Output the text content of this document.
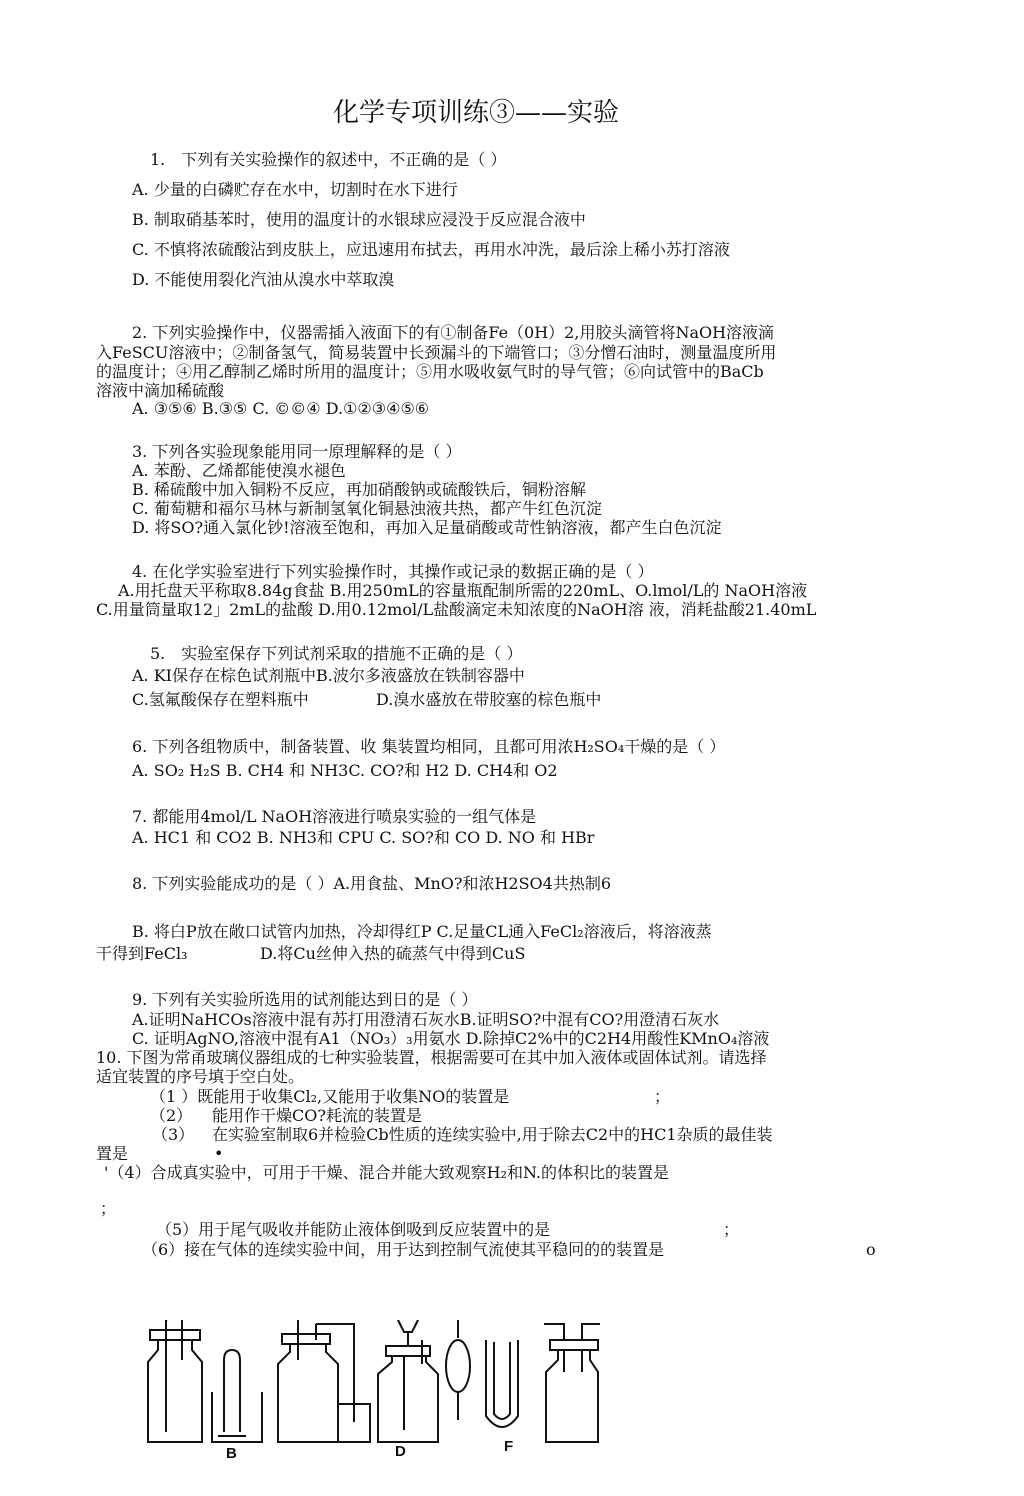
化学专项训练③——实验
1.　下列有关实验操作的叙述中，不正确的是（ ）
A. 少量的白磷贮存在水中，切割时在水下进行
B. 制取硝基苯时，使用的温度计的水银球应浸没于反应混合液中
C. 不慎将浓硫酸沾到皮肤上，应迅速用布拭去，再用水冲洗，最后涂上稀小苏打溶液
D. 不能使用裂化汽油从溴水中萃取溴
2. 下列实验操作中，仪器需插入液面下的有①制备Fe（0H）2,用胶头滴管将NaOH溶液滴
入FeSCU溶液中；②制备氢气，简易装置中长颈漏斗的下端管口；③分憎石油时，测量温度所用
的温度计；④用乙醇制乙烯时所用的温度计；⑤用水吸收氨气时的导气管；⑥向试管中的BaCb
溶液中滴加稀硫酸
A. ③⑤⑥ B.③⑤ C. ©©④ D.①②③④⑤⑥
3. 下列各实验现象能用同一原理解释的是（ ）
A. 苯酚、乙烯都能使溴水褪色
B. 稀硫酸中加入铜粉不反应，再加硝酸钠或硫酸铁后，铜粉溶解
C. 葡萄糖和福尔马林与新制氢氧化铜悬浊液共热，都产牛红色沉淀
D. 将SO?通入氯化钞!溶液至饱和，再加入足量硝酸或苛性钠溶液，都产生白色沉淀
4. 在化学实验室进行下列实验操作时，其操作或记录的数据正确的是（ ）
A.用托盘天平称取8.84g食盐 B.用250mL的容量瓶配制所需的220mL、O.lmol/L的 NaOH溶液
C.用量筒量取12」2mL的盐酸 D.用0.12mol/L盐酸滴定未知浓度的NaOH溶 液，消耗盐酸21.40mL
5.　实验室保存下列试剂采取的措施不正确的是（ ）
A. KI保存在棕色试剂瓶中B.波尔多液盛放在铁制容器中
C.氢氟酸保存在塑料瓶中	D.溴水盛放在带胶塞的棕色瓶中
6. 下列各组物质中，制备装置、收 集装置均相同，且都可用浓H₂SO₄干燥的是（ ）
A. SO₂ H₂S B. CH4 和 NH3C. CO?和 H2 D. CH4和 O2
7. 都能用4mol/L NaOH溶液进行喷泉实验的一组气体是
A. HC1 和 CO2 B. NH3和 CPU C. SO?和 CO D. NO 和 HBr
8. 下列实验能成功的是（ ）A.用食盐、MnO?和浓H2SO4共热制6
B. 将白P放在敞口试管内加热，冷却得红P C.足量CL通入FeCl₂溶液后，将溶液蒸
干得到FeCl₃	D.将Cu丝伸入热的硫蒸气中得到CuS
9. 下列有关实验所选用的试剂能达到日的是（ ）
A.证明NaHCOs溶液中混有苏打用澄清石灰水B.证明SO?中混有CO?用澄清石灰水
C. 证明AgNO,溶液中混有A1（NO₃）₃用氨水 D.除掉C2%中的C2H4用酸性KMnO₄溶液
10. 下图为常甬玻璃仪器组成的七种实验装置，根据需要可在其中加入液体或固体试剂。请选择
适宜装置的序号填于空白处。
（1 ）既能用于收集Cl₂,又能用于收集NO的装置是	；
（2） 能用作干燥CO?耗流的装置是
（3） 在实验室制取6并检验Cb性质的连续实验中,用于除去C2中的HC1杂质的最佳装
置是	•
'（4）合成真实验中，可用于干燥、混合并能大致观察H₂和N.的体积比的装置是
；
（5）用于尾气吸收并能防止液体倒吸到反应装置中的是	；
（6）接在气体的连续实验中间，用于达到控制气流使其平稳冋的的装置是	o
B	D	F
